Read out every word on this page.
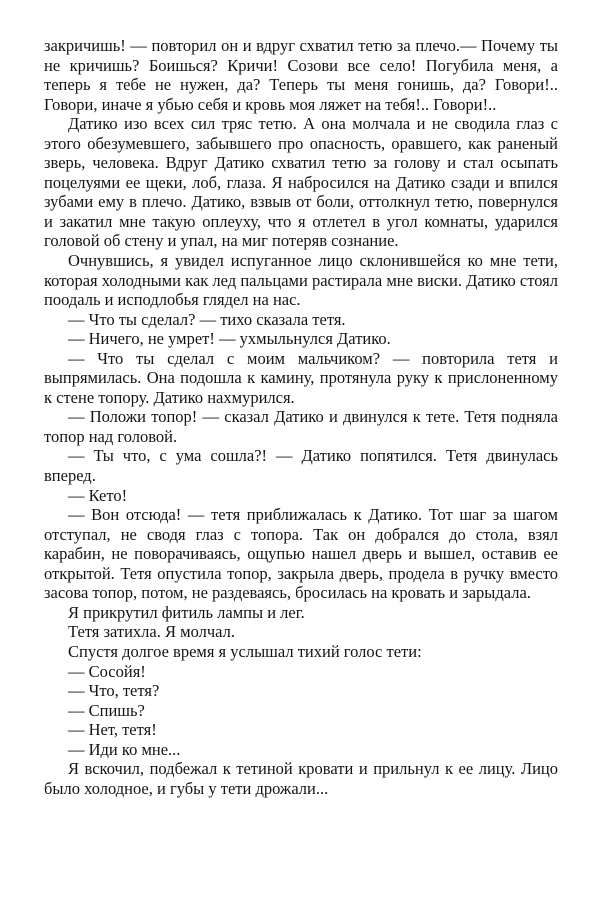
закричишь! — повторил он и вдруг схватил тетю за плечо.— Почему ты не кричишь? Боишься? Кричи! Созови все село! Погубила меня, а теперь я тебе не нужен, да? Теперь ты меня гонишь, да? Говори!.. Говори, иначе я убью себя и кровь моя ляжет на тебя!.. Говори!..

Датико изо всех сил тряс тетю. А она молчала и не сводила глаз с этого обезумевшего, забывшего про опасность, оравшего, как раненый зверь, человека. Вдруг Датико схватил тетю за голову и стал осыпать поцелуями ее щеки, лоб, глаза. Я набросился на Датико сзади и впился зубами ему в плечо. Датико, взвыв от боли, оттолкнул тетю, повернулся и закатил мне такую оплеуху, что я отлетел в угол комнаты, ударился головой об стену и упал, на миг потеряв сознание.

Очнувшись, я увидел испуганное лицо склонившейся ко мне тети, которая холодными как лед пальцами растирала мне виски. Датико стоял поодаль и исподлобья глядел на нас.

— Что ты сделал? — тихо сказала тетя.

— Ничего, не умрет! — ухмыльнулся Датико.

— Что ты сделал с моим мальчиком? — повторила тетя и выпрямилась. Она подошла к камину, протянула руку к прислоненному к стене топору. Датико нахмурился.

— Положи топор! — сказал Датико и двинулся к тете. Тетя подняла топор над головой.

— Ты что, с ума сошла?! — Датико попятился. Тетя двинулась вперед.

— Кето!

— Вон отсюда! — тетя приближалась к Датико. Тот шаг за шагом отступал, не сводя глаз с топора. Так он добрался до стола, взял карабин, не поворачиваясь, ощупью нашел дверь и вышел, оставив ее открытой. Тетя опустила топор, закрыла дверь, продела в ручку вместо засова топор, потом, не раздеваясь, бросилась на кровать и зарыдала.

Я прикрутил фитиль лампы и лег.

Тетя затихла. Я молчал.

Спустя долгое время я услышал тихий голос тети:

— Сосойя!

— Что, тетя?

— Спишь?

— Нет, тетя!

— Иди ко мне...

Я вскочил, подбежал к тетиной кровати и прильнул к ее лицу. Лицо было холодное, и губы у тети дрожали...
